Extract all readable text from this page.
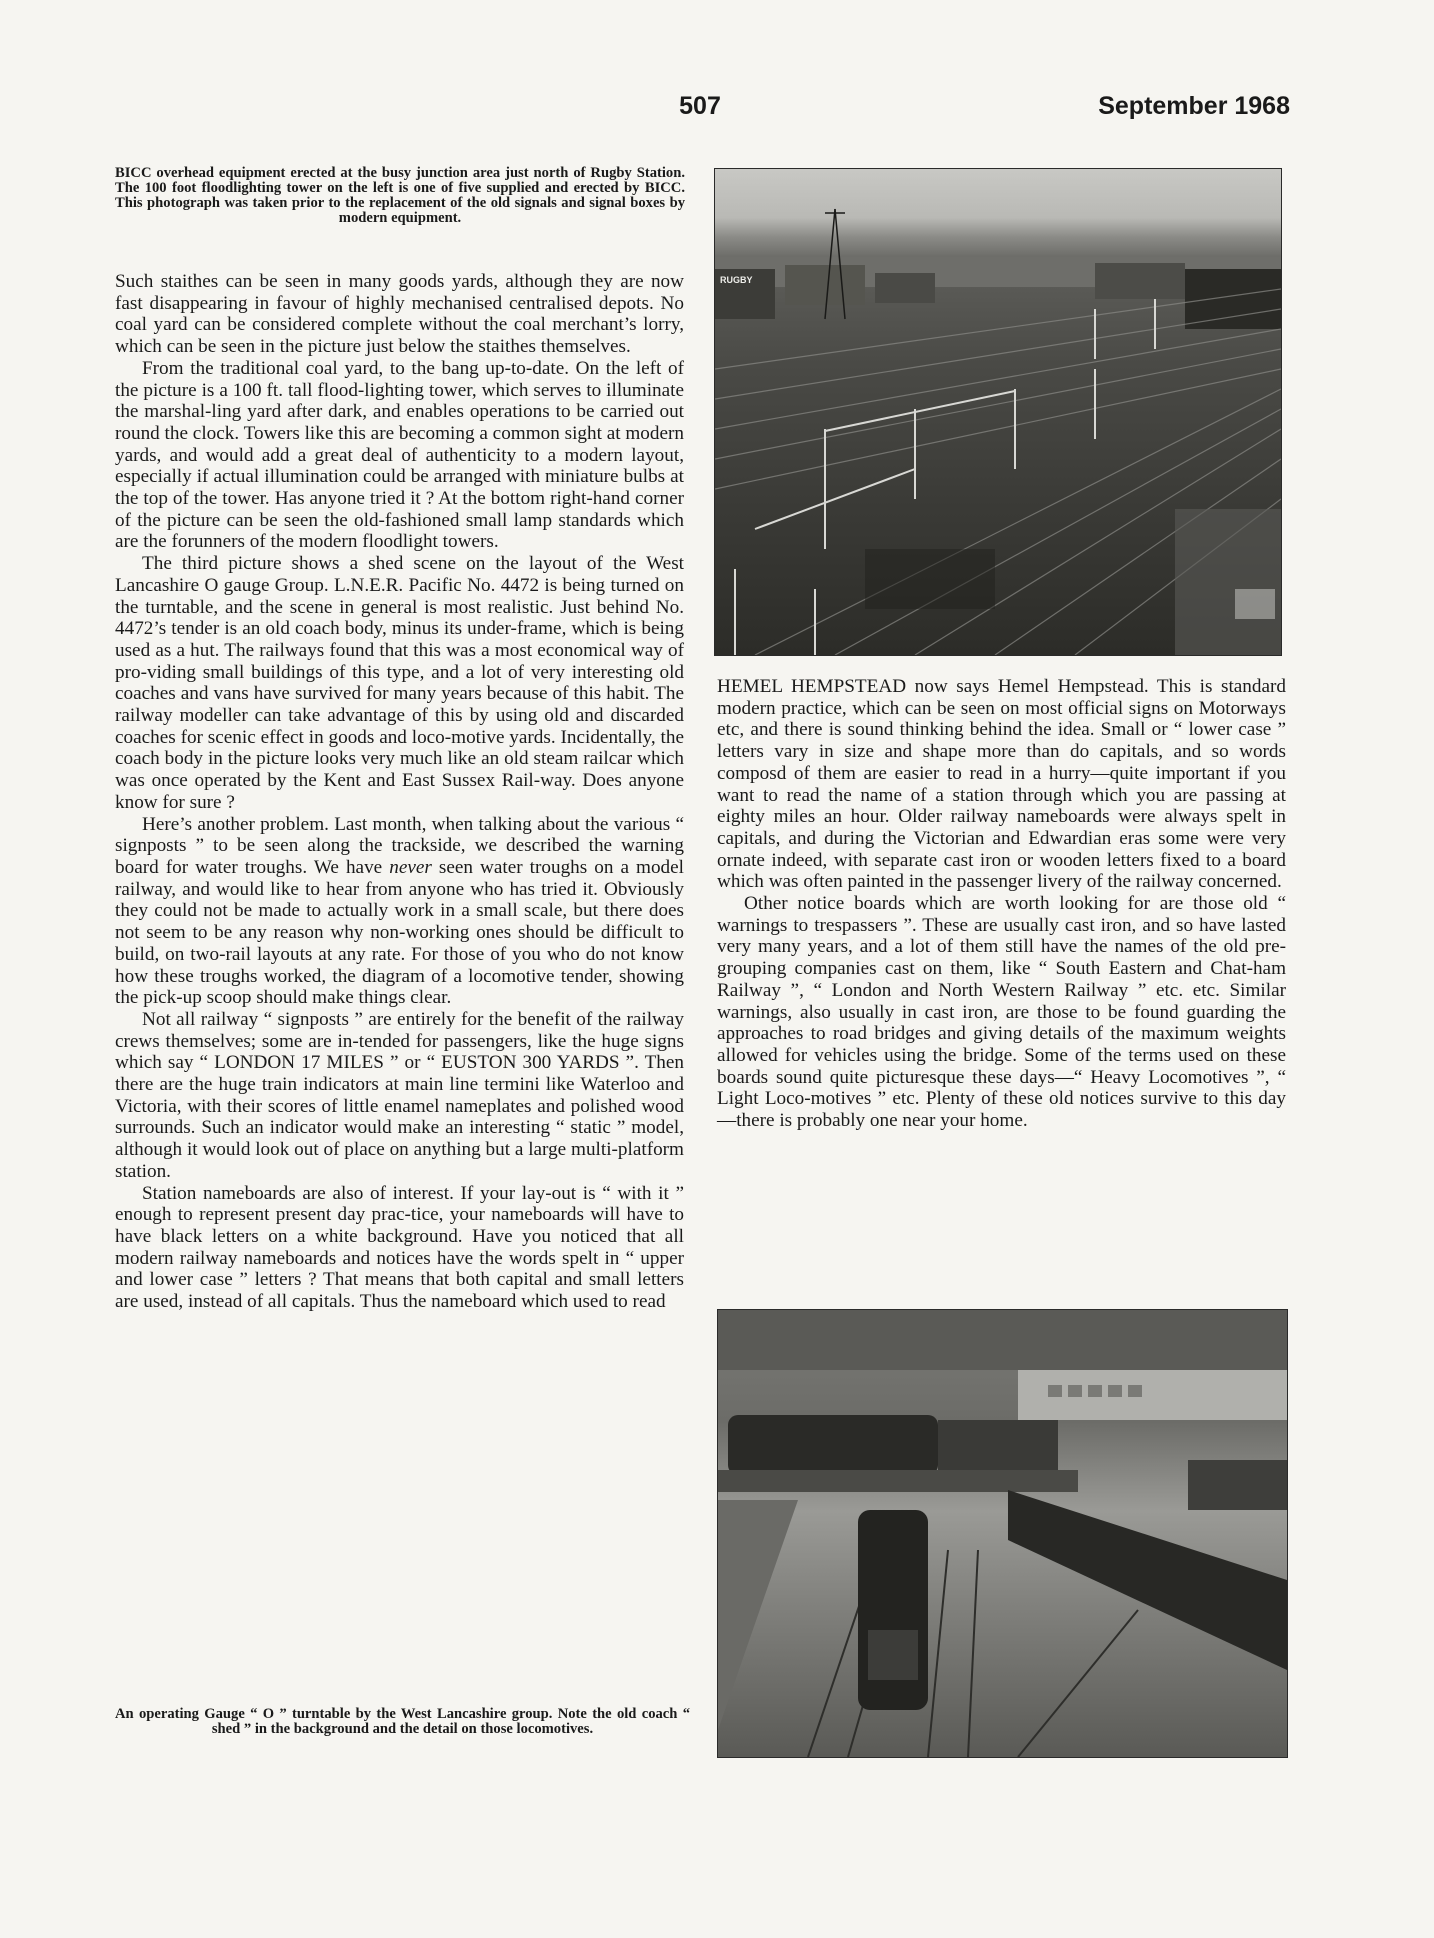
507	September 1968
BICC overhead equipment erected at the busy junction area just north of Rugby Station. The 100 foot floodlighting tower on the left is one of five supplied and erected by BICC. This photograph was taken prior to the replacement of the old signals and signal boxes by modern equipment.

Such staithes can be seen in many goods yards, although they are now fast disappearing in favour of highly mechanised centralised depots. No coal yard can be considered complete without the coal merchant’s lorry, which can be seen in the picture just below the staithes themselves.

From the traditional coal yard, to the bang up-to-date. On the left of the picture is a 100 ft. tall flood-lighting tower, which serves to illuminate the marshal-ling yard after dark, and enables operations to be carried out round the clock. Towers like this are becoming a common sight at modern yards, and would add a great deal of authenticity to a modern layout, especially if actual illumination could be arranged with miniature bulbs at the top of the tower. Has anyone tried it ? At the bottom right-hand corner of the picture can be seen the old-fashioned small lamp standards which are the forunners of the modern floodlight towers.

The third picture shows a shed scene on the layout of the West Lancashire O gauge Group. L.N.E.R. Pacific No. 4472 is being turned on the turntable, and the scene in general is most realistic. Just behind No. 4472’s tender is an old coach body, minus its under-frame, which is being used as a hut. The railways found that this was a most economical way of pro-viding small buildings of this type, and a lot of very interesting old coaches and vans have survived for many years because of this habit. The railway modeller can take advantage of this by using old and discarded coaches for scenic effect in goods and loco-motive yards. Incidentally, the coach body in the picture looks very much like an old steam railcar which was once operated by the Kent and East Sussex Rail-way. Does anyone know for sure ?

Here’s another problem. Last month, when talking about the various “ signposts ” to be seen along the trackside, we described the warning board for water troughs. We have never seen water troughs on a model railway, and would like to hear from anyone who has tried it. Obviously they could not be made to actually work in a small scale, but there does not seem to be any reason why non-working ones should be difficult to build, on two-rail layouts at any rate. For those of you who do not know how these troughs worked, the diagram of a locomotive tender, showing the pick-up scoop should make things clear.

Not all railway “ signposts ” are entirely for the benefit of the railway crews themselves; some are in-tended for passengers, like the huge signs which say “ LONDON 17 MILES ” or “ EUSTON 300 YARDS ”. Then there are the huge train indicators at main line termini like Waterloo and Victoria, with their scores of little enamel nameplates and polished wood surrounds. Such an indicator would make an interesting “ static ” model, although it would look out of place on anything but a large multi-platform station.

Station nameboards are also of interest. If your lay-out is “ with it ” enough to represent present day prac-tice, your nameboards will have to have black letters on a white background. Have you noticed that all modern railway nameboards and notices have the words spelt in “ upper and lower case ” letters ? That means that both capital and small letters are used, instead of all capitals. Thus the nameboard which used to read

An operating Gauge “ O ” turntable by the West Lancashire group. Note the old coach “ shed ” in the background and the detail on those locomotives.
RUGBY

HEMEL HEMPSTEAD now says Hemel Hempstead. This is standard modern practice, which can be seen on most official signs on Motorways etc, and there is sound thinking behind the idea. Small or “ lower case ” letters vary in size and shape more than do capitals, and so words composd of them are easier to read in a hurry—quite important if you want to read the name of a station through which you are passing at eighty miles an hour. Older railway nameboards were always spelt in capitals, and during the Victorian and Edwardian eras some were very ornate indeed, with separate cast iron or wooden letters fixed to a board which was often painted in the passenger livery of the railway concerned.

Other notice boards which are worth looking for are those old “ warnings to trespassers ”. These are usually cast iron, and so have lasted very many years, and a lot of them still have the names of the old pre-grouping companies cast on them, like “ South Eastern and Chat-ham Railway ”, “ London and North Western Railway ” etc. etc. Similar warnings, also usually in cast iron, are those to be found guarding the approaches to road bridges and giving details of the maximum weights allowed for vehicles using the bridge. Some of the terms used on these boards sound quite picturesque these days—“ Heavy Locomotives ”, “ Light Loco-motives ” etc. Plenty of these old notices survive to this day—there is probably one near your home.
